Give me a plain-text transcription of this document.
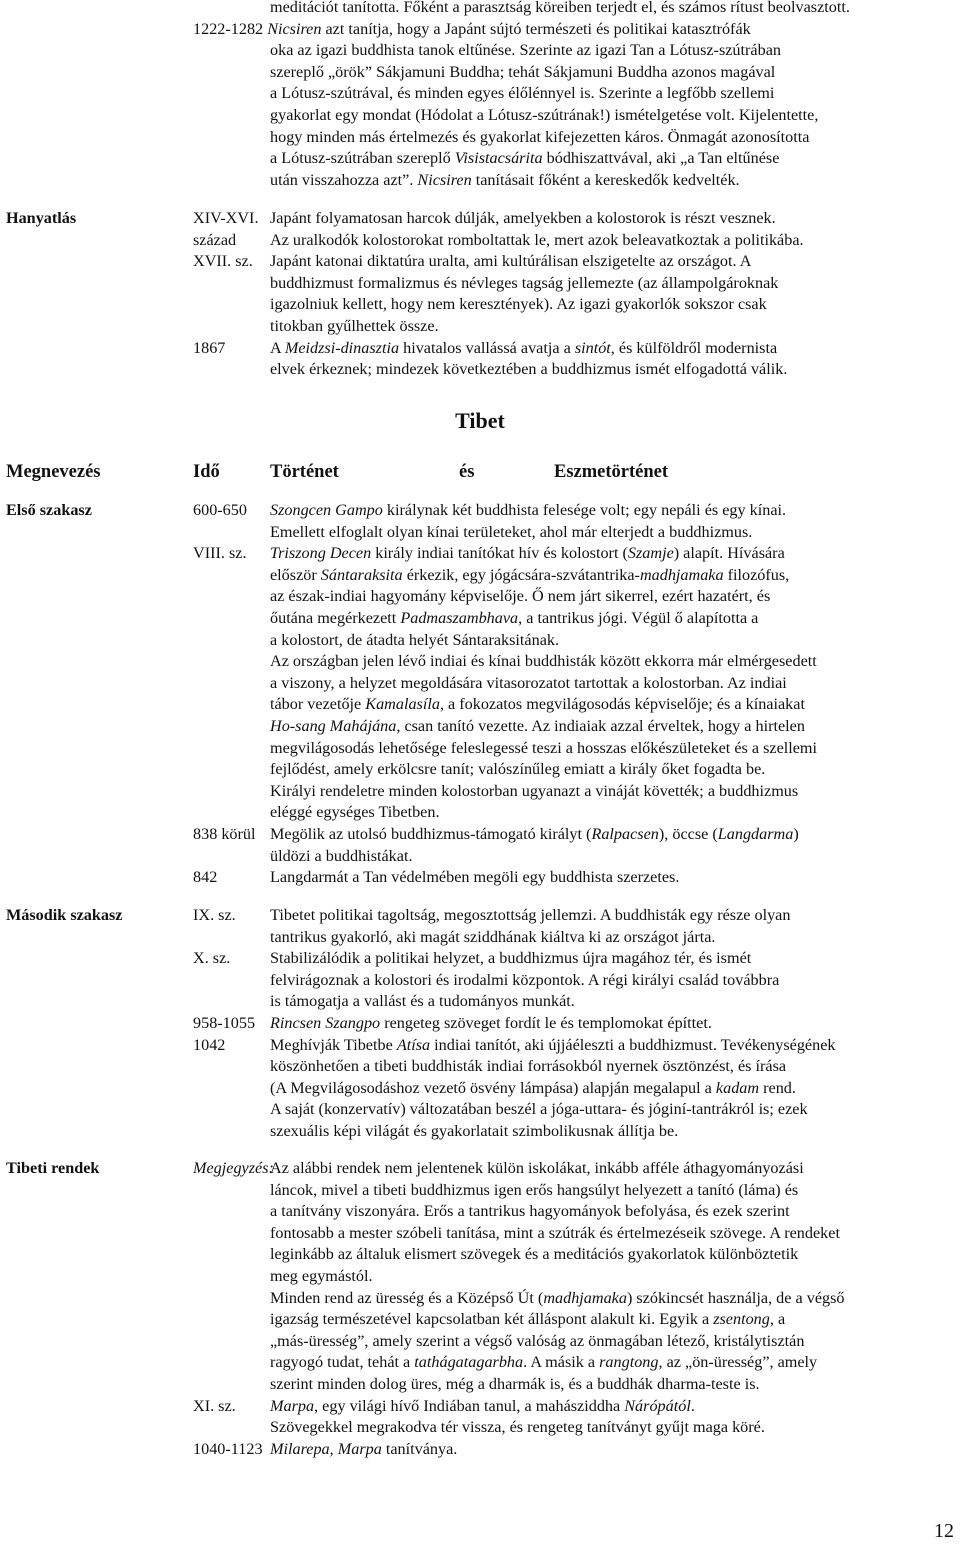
meditációt tanította. Főként a parasztság köreiben terjedt el, és számos rítust beolvasztott.
1222-1282 Nicsiren azt tanítja, hogy a Japánt sújtó természeti és politikai katasztrófák
oka az igazi buddhista tanok eltűnése. Szerinte az igazi Tan a Lótusz-szútrában
szereplő „örök” Sákjamuni Buddha; tehát Sákjamuni Buddha azonos magával
a Lótusz-szútrával, és minden egyes élőlénnyel is. Szerinte a legfőbb szellemi
gyakorlat egy mondat (Hódolat a Lótusz-szútrának!) ismételgetése volt. Kijelentette,
hogy minden más értelmezés és gyakorlat kifejezetten káros. Önmagát azonosította
a Lótusz-szútrában szereplő Visistacsárita bódhiszattvával, aki „a Tan eltűnése
után visszahozza azt”. Nicsiren tanításait főként a kereskedők kedvelték.
Hanyatlás	XIV-XVI. Japánt folyamatosan harcok dúlják, amelyekben a kolostorok is részt vesznek.
század Az uralkodók kolostorokat romboltattak le, mert azok beleavatkoztak a politikába.
XVII. sz. Japánt katonai diktatúra uralta, ami kultúrálisan elszigetelte az országot. A
buddhizmust formalizmus és névleges tagság jellemezte (az állampolgároknak
igazolniuk kellett, hogy nem keresztények). Az igazi gyakorlók sokszor csak
titokban gyűlhettek össze.
1867	A Meidzsi-dinasztia hivatalos vallássá avatja a sintót, és külföldről modernista
elvek érkeznek; mindezek következtében a buddhizmus ismét elfogadottá válik.
Tibet
Megnevezés	Idő	Történet	és	Eszmetörténet
Első szakasz	600-650 Szongcen Gampo királynak két buddhista felesége volt; egy nepáli és egy kínai.
Emellett elfoglalt olyan kínai területeket, ahol már elterjedt a buddhizmus.
VIII. sz. Triszong Decen király indiai tanítókat hív és kolostort (Szamje) alapít. Hívására
először Sántaraksita érkezik, egy jógácsára-szvátantrika-madhjamaka filozófus,
az észak-indiai hagyomány képviselője. Ő nem járt sikerrel, ezért hazatért, és
őutána megérkezett Padmaszambhava, a tantrikus jógi. Végül ő alapította a
a kolostort, de átadta helyét Sántaraksitának.
Az országban jelen lévő indiai és kínai buddhisták között ekkorra már elmérgesedett
a viszony, a helyzet megoldására vitasorozatot tartottak a kolostorban. Az indiai
tábor vezetője Kamalasíla, a fokozatos megvilágosodás képviselője; és a kínaiakat
Ho-sang Mahájána, csan tanító vezette. Az indiaiak azzal érveltek, hogy a hirtelen
megvilágosodás lehetősége feleslegessé teszi a hosszas előkészületeket és a szellemi
fejlődést, amely erkölcsre tanít; valószínűleg emiatt a király őket fogadta be.
Királyi rendeletre minden kolostorban ugyanazt a vináját követték; a buddhizmus
eléggé egységes Tibetben.
838 körül Megölik az utolsó buddhizmus-támogató királyt (Ralpacsen), öccse (Langdarma)
üldözi a buddhistákat.
842	Langdarmát a Tan védelmében megöli egy buddhista szerzetes.
Második szakasz	IX. sz. Tibetet politikai tagoltság, megosztottság jellemzi. A buddhisták egy része olyan
tantrikus gyakorló, aki magát sziddhának kiáltva ki az országot járta.
X. sz. Stabilizálódik a politikai helyzet, a buddhizmus újra magához tér, és ismét
felvirágoznak a kolostori és irodalmi központok. A régi királyi család továbbra
is támogatja a vallást és a tudományos munkát.
958-1055 Rincsen Szangpo rengeteg szöveget fordít le és templomokat építtet.
1042	Meghívják Tibetbe Atísa indiai tanítót, aki újjáéleszti a buddhizmust. Tevékenységének
köszönhetően a tibeti buddhisták indiai forrásokból nyernek ösztönzést, és írása
(A Megvilágosodáshoz vezető ösvény lámpása) alapján megalapul a kadam rend.
A saját (konzervatív) változatában beszél a jóga-uttara- és jóginí-tantrákról is; ezek
szexuális képi világát és gyakorlatait szimbolikusnak állítja be.
Tibeti rendek	Megjegyzés:
Az alábbi rendek nem jelentenek külön iskolákat, inkább afféle áthagyományozási
láncok, mivel a tibeti buddhizmus igen erős hangsúlyt helyezett a tanító (láma) és
a tanítvány viszonyára. Erős a tantrikus hagyományok befolyása, és ezek szerint
fontosabb a mester szóbeli tanítása, mint a szútrák és értelmezéseik szövege. A rendeket
leginkább az általuk elismert szövegek és a meditációs gyakorlatok különböztetik
meg egymástól.
Minden rend az üresség és a Középső Út (madhjamaka) szókincsét használja, de a végső
igazság természetével kapcsolatban két álláspont alakult ki. Egyik a zsentong, a
„más-üresség”, amely szerint a végső valóság az önmagában létező, kristálytisztán
ragyogó tudat, tehát a tathágatagarbha. A másik a rangtong, az „ön-üresség”, amely
szerint minden dolog üres, még a dharmák is, és a buddhák dharma-teste is.
XI. sz. Marpa, egy világi hívő Indiában tanul, a mahásziddha Nárópától.
Szövegekkel megrakodva tér vissza, és rengeteg tanítványt gyűjt maga köré.
1040-1123 Milarepa, Marpa tanítványa.
12
